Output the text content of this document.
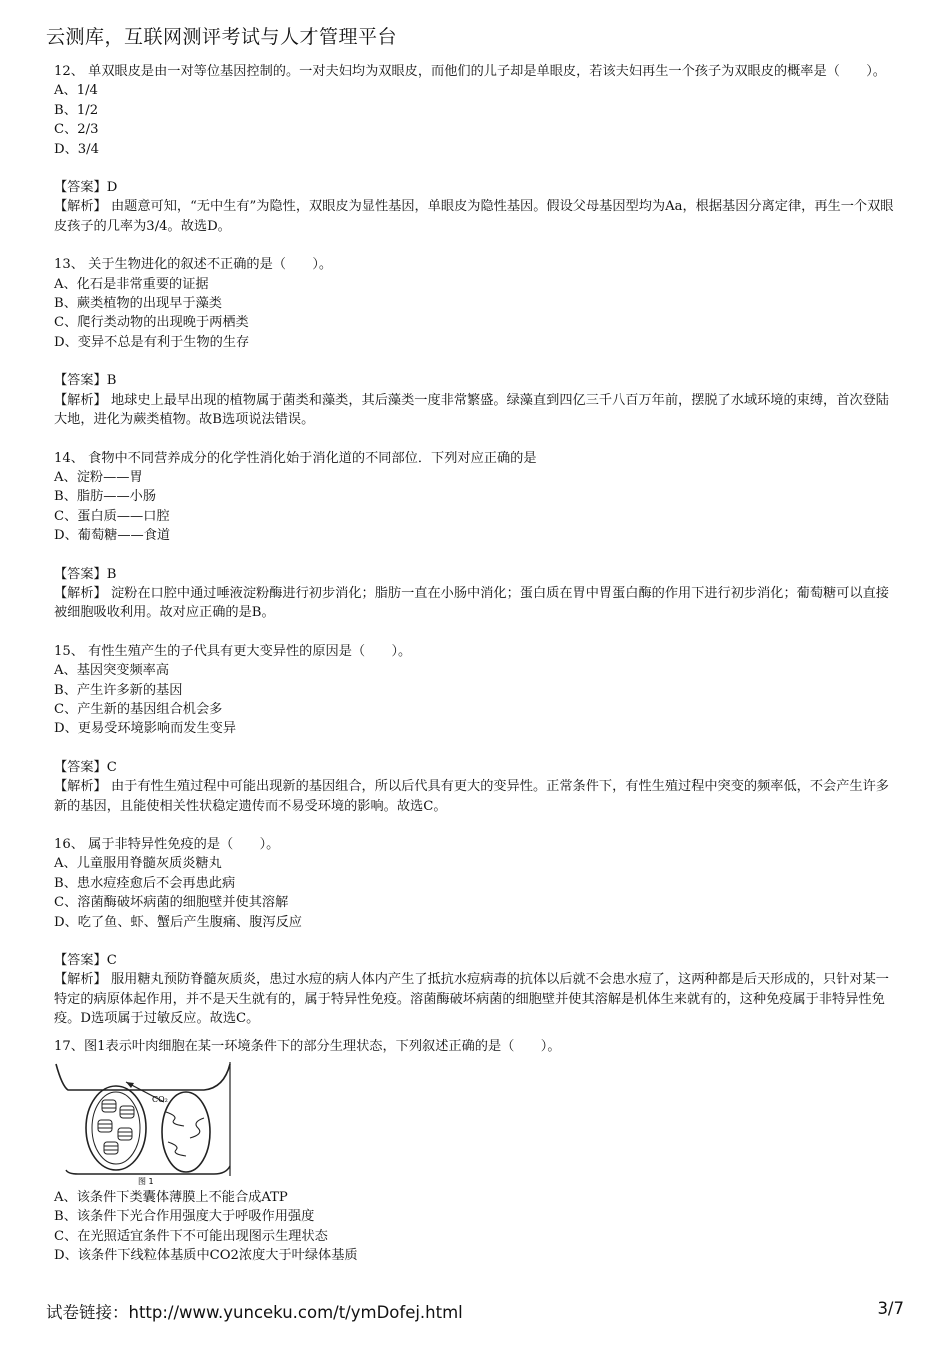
云测库，互联网测评考试与人才管理平台

12、 单双眼皮是由一对等位基因控制的。一对夫妇均为双眼皮，而他们的儿子却是单眼皮，若该夫妇再生一个孩子为双眼皮的概率是（　　）。

A、1/4

B、1/2

C、2/3

D、3/4

【答案】D

【解析】 由题意可知，“无中生有”为隐性，双眼皮为显性基因，单眼皮为隐性基因。假设父母基因型均为Aa，根据基因分离定律，再生一个双眼皮孩子的几率为3/4。故选D。

13、 关于生物进化的叙述不正确的是（　　）。

A、化石是非常重要的证据

B、蕨类植物的出现早于藻类

C、爬行类动物的出现晚于两栖类

D、变异不总是有利于生物的生存

【答案】B

【解析】 地球史上最早出现的植物属于菌类和藻类，其后藻类一度非常繁盛。绿藻直到四亿三千八百万年前，摆脱了水域环境的束缚，首次登陆大地，进化为蕨类植物。故B选项说法错误。

14、 食物中不同营养成分的化学性消化始于消化道的不同部位．下列对应正确的是

A、淀粉——胃

B、脂肪——小肠

C、蛋白质——口腔

D、葡萄糖——食道

【答案】B

【解析】 淀粉在口腔中通过唾液淀粉酶进行初步消化；脂肪一直在小肠中消化；蛋白质在胃中胃蛋白酶的作用下进行初步消化；葡萄糖可以直接被细胞吸收利用。故对应正确的是B。

15、 有性生殖产生的子代具有更大变异性的原因是（　　）。

A、基因突变频率高

B、产生许多新的基因

C、产生新的基因组合机会多

D、更易受环境影响而发生变异

【答案】C

【解析】 由于有性生殖过程中可能出现新的基因组合，所以后代具有更大的变异性。正常条件下，有性生殖过程中突变的频率低，不会产生许多新的基因，且能使相关性状稳定遗传而不易受环境的影响。故选C。

16、 属于非特异性免疫的是（　　）。

A、儿童服用脊髓灰质炎糖丸

B、患水痘痊愈后不会再患此病

C、溶菌酶破坏病菌的细胞壁并使其溶解

D、吃了鱼、虾、蟹后产生腹痛、腹泻反应

【答案】C

【解析】 服用糖丸预防脊髓灰质炎，患过水痘的病人体内产生了抵抗水痘病毒的抗体以后就不会患水痘了，这两种都是后天形成的，只针对某一特定的病原体起作用，并不是天生就有的，属于特异性免疫。溶菌酶破坏病菌的细胞壁并使其溶解是机体生来就有的，这种免疫属于非特异性免疫。D选项属于过敏反应。故选C。

17、图1表示叶肉细胞在某一环境条件下的部分生理状态，下列叙述正确的是（　　）。

CO₂
图 1

A、该条件下类囊体薄膜上不能合成ATP

B、该条件下光合作用强度大于呼吸作用强度

C、在光照适宜条件下不可能出现图示生理状态

D、该条件下线粒体基质中CO2浓度大于叶绿体基质

试卷链接：http://www.yunceku.com/t/ymDofej.html	3/7
